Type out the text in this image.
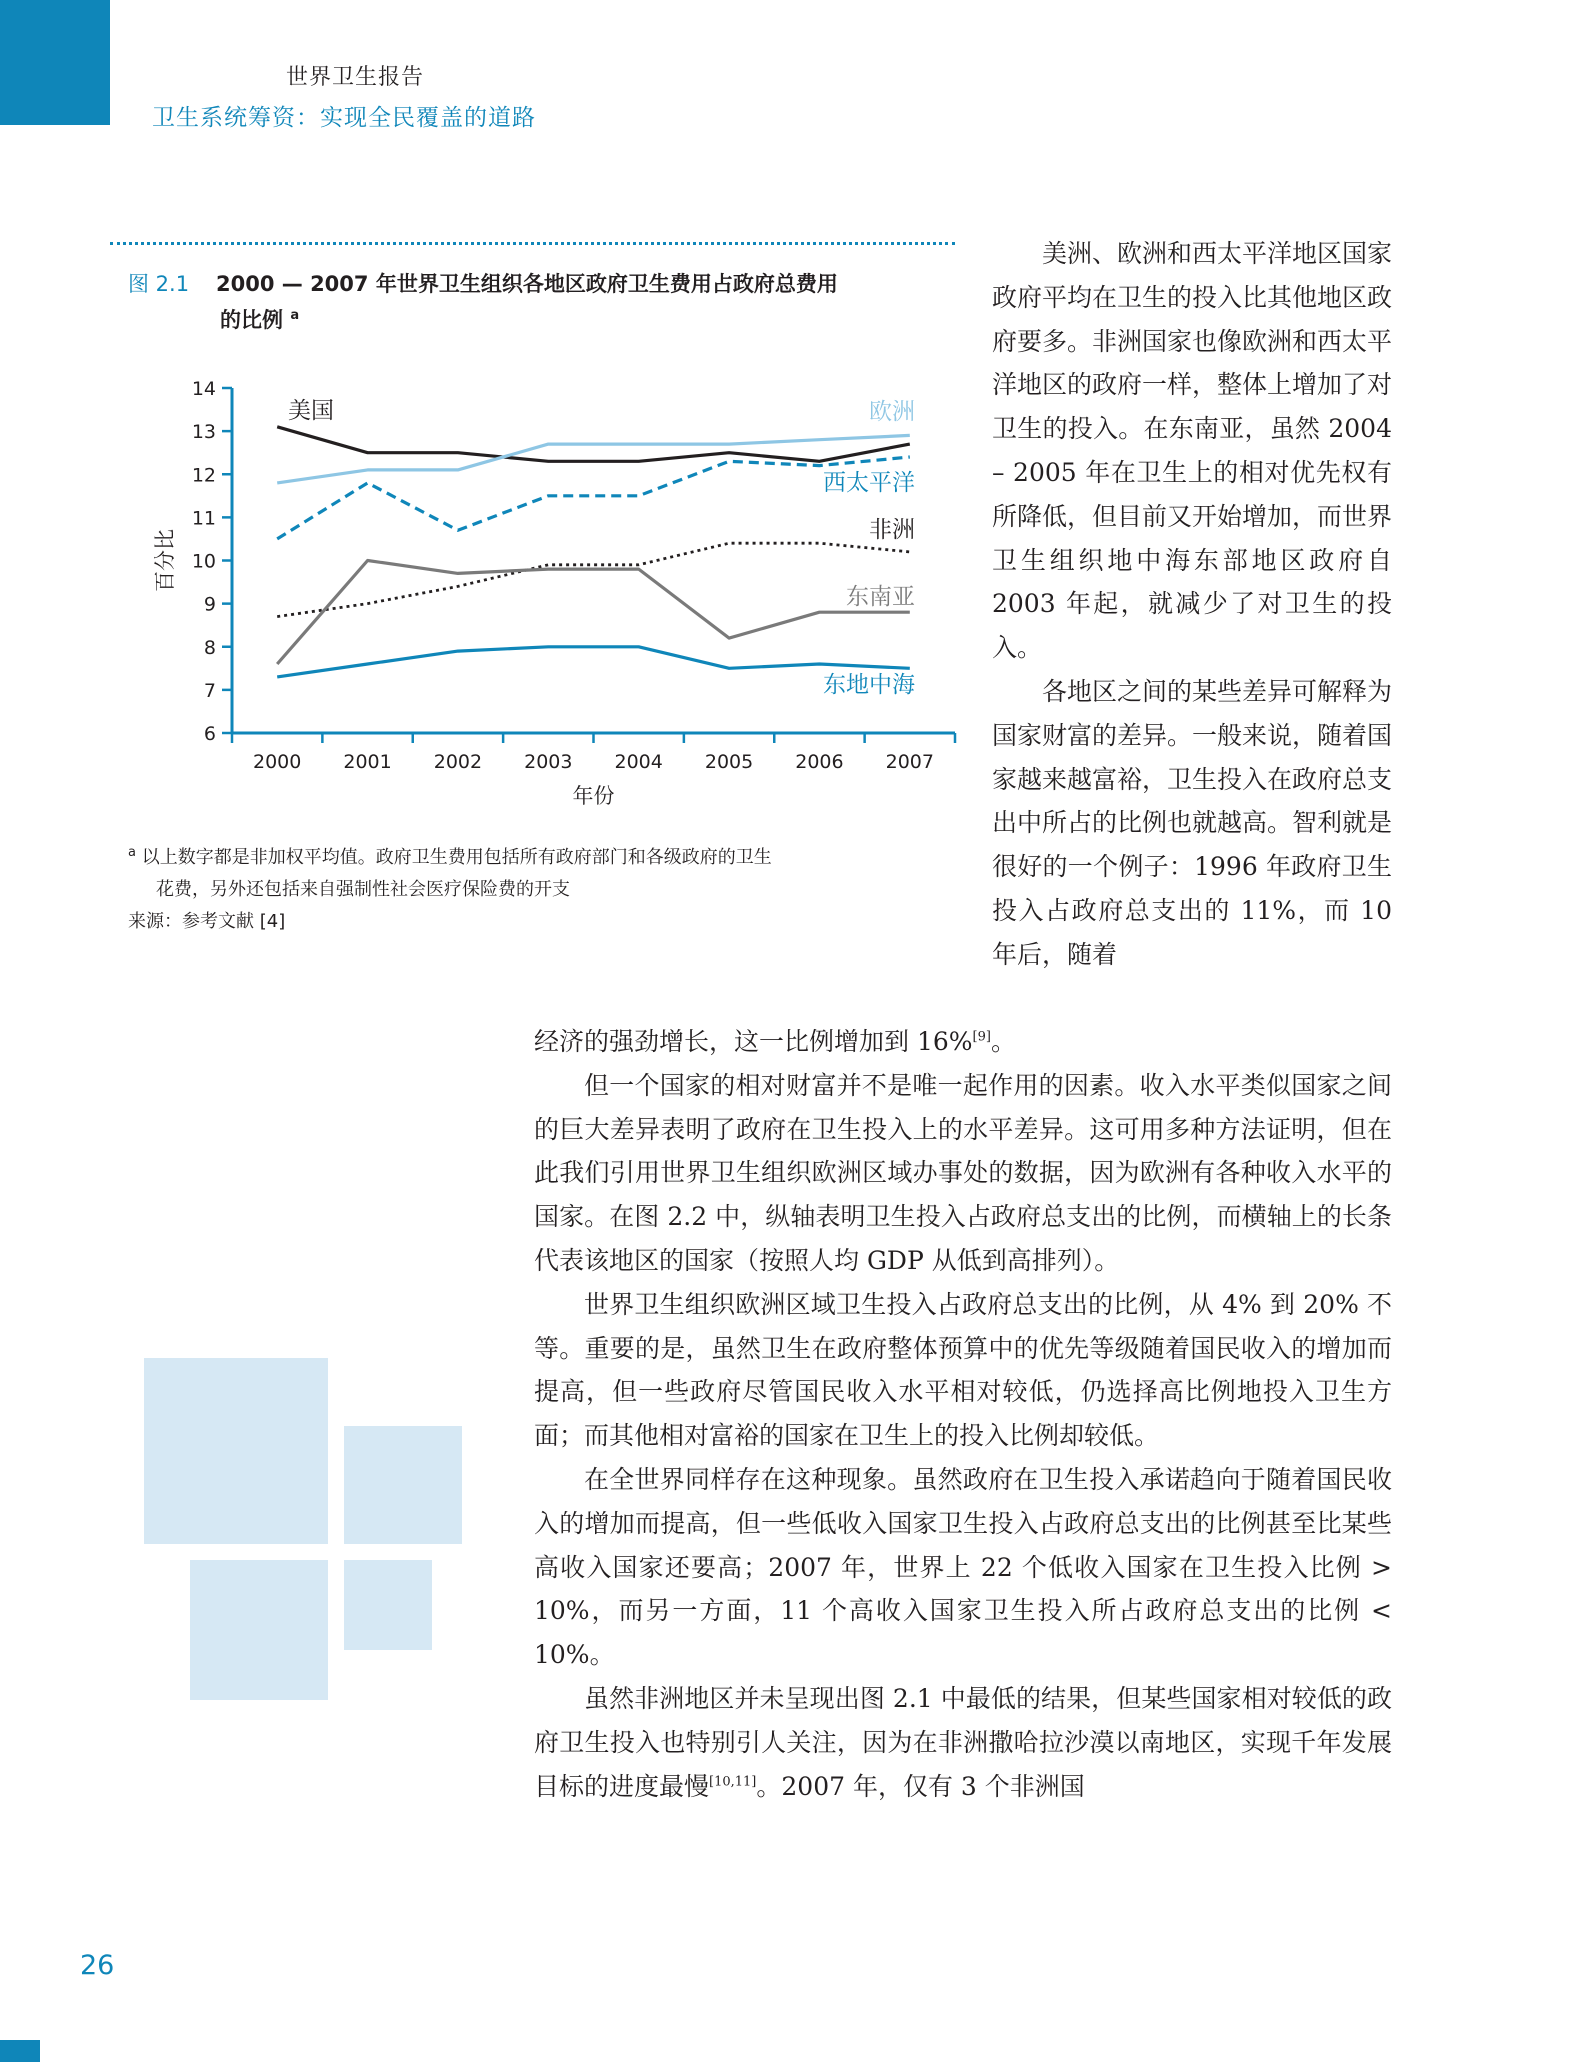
世界卫生报告
卫生系统筹资：实现全民覆盖的道路
图 2.1 2000 — 2007 年世界卫生组织各地区政府卫生费用占政府总费用
的比例 $^a$
6
7
8
9
10
11
12
13
14
2000 2001 2002 2003 2004 2005 2006 2007
年份
百分比
美国	欧洲
西太平洋
非洲
东南亚
东地中海

$^a$ 以上数字都是非加权平均值。政府卫生费用包括所有政府部门和各级政府的卫生

花费，另外还包括来自强制性社会医疗保险费的开支

来源：参考文献 [4]

美洲、欧洲和西太平洋地区国家政府平均在卫生的投入比其他地区政府要多。非洲国家也像欧洲和西太平洋地区的政府一样，整体上增加了对卫生的投入。在东南亚，虽然 2004 – 2005 年在卫生上的相对优先权有所降低，但目前又开始增加，而世界卫生组织地中海东部地区政府自 2003 年起，就减少了对卫生的投入。

各地区之间的某些差异可解释为国家财富的差异。一般来说，随着国家越来越富裕，卫生投入在政府总支出中所占的比例也就越高。智利就是很好的一个例子：1996 年政府卫生投入占政府总支出的 11%，而 10 年后，随着

经济的强劲增长，这一比例增加到 16%[9]。

但一个国家的相对财富并不是唯一起作用的因素。收入水平类似国家之间的巨大差异表明了政府在卫生投入上的水平差异。这可用多种方法证明，但在此我们引用世界卫生组织欧洲区域办事处的数据，因为欧洲有各种收入水平的国家。在图 2.2 中，纵轴表明卫生投入占政府总支出的比例，而横轴上的长条代表该地区的国家（按照人均 GDP 从低到高排列）。

世界卫生组织欧洲区域卫生投入占政府总支出的比例，从 4% 到 20% 不等。重要的是，虽然卫生在政府整体预算中的优先等级随着国民收入的增加而提高，但一些政府尽管国民收入水平相对较低，仍选择高比例地投入卫生方面；而其他相对富裕的国家在卫生上的投入比例却较低。

在全世界同样存在这种现象。虽然政府在卫生投入承诺趋向于随着国民收入的增加而提高，但一些低收入国家卫生投入占政府总支出的比例甚至比某些高收入国家还要高；2007 年，世界上 22 个低收入国家在卫生投入比例 > 10%，而另一方面，11 个高收入国家卫生投入所占政府总支出的比例 < 10%。

虽然非洲地区并未呈现出图 2.1 中最低的结果，但某些国家相对较低的政府卫生投入也特别引人关注，因为在非洲撒哈拉沙漠以南地区，实现千年发展目标的进度最慢[10,11]。2007 年，仅有 3 个非洲国

26
